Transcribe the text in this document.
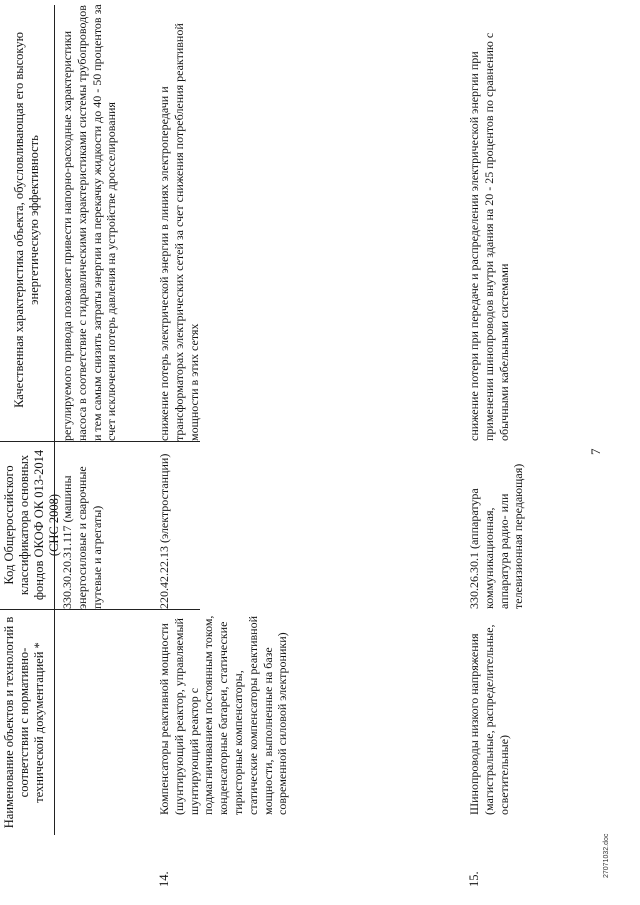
7
Наименование объектов и технологий в соответствии с нормативно-технической документацией *
Код Общероссийского классификатора основных фондов ОКОФ ОК 013-2014 (СНС 2008)
Качественная характеристика объекта, обусловливающая его высокую энергетическую эффективность
330.30.20.31.117 (машины энергосиловые и сварочные путевые и агрегаты)
регулируемого привода позволяет привести напорно-расходные характеристики насоса в соответствие с гидравлическими характеристиками системы трубопроводов и тем самым снизить затраты энергии на перекачку жидкости до 40 - 50 процентов за счет исключения потерь давления на устройстве дросселирования
14.
Компенсаторы реактивной мощности (шунтирующий реактор, управляемый шунтирующий реактор с подмагничиванием постоянным током, конденсаторные батареи, статические тиристорные компенсаторы, статические компенсаторы реактивной мощности, выполненные на базе современной силовой электроники)
220.42.22.13 (электростанции)
снижение потерь электрической энергии в линиях электропередачи и трансформаторах электрических сетей за счет снижения потребления реактивной мощности в этих сетях
15.
Шинопроводы низкого напряжения (магистральные, распределительные, осветительные)
330.26.30.1 (аппаратура коммуникационная, аппаратура радио- или телевизионная передающая)
снижение потери при передаче и распределении электрической энергии при применении шинопроводов внутри здания на 20 - 25 процентов по сравнению с обычными кабельными системами
27071032.doc
